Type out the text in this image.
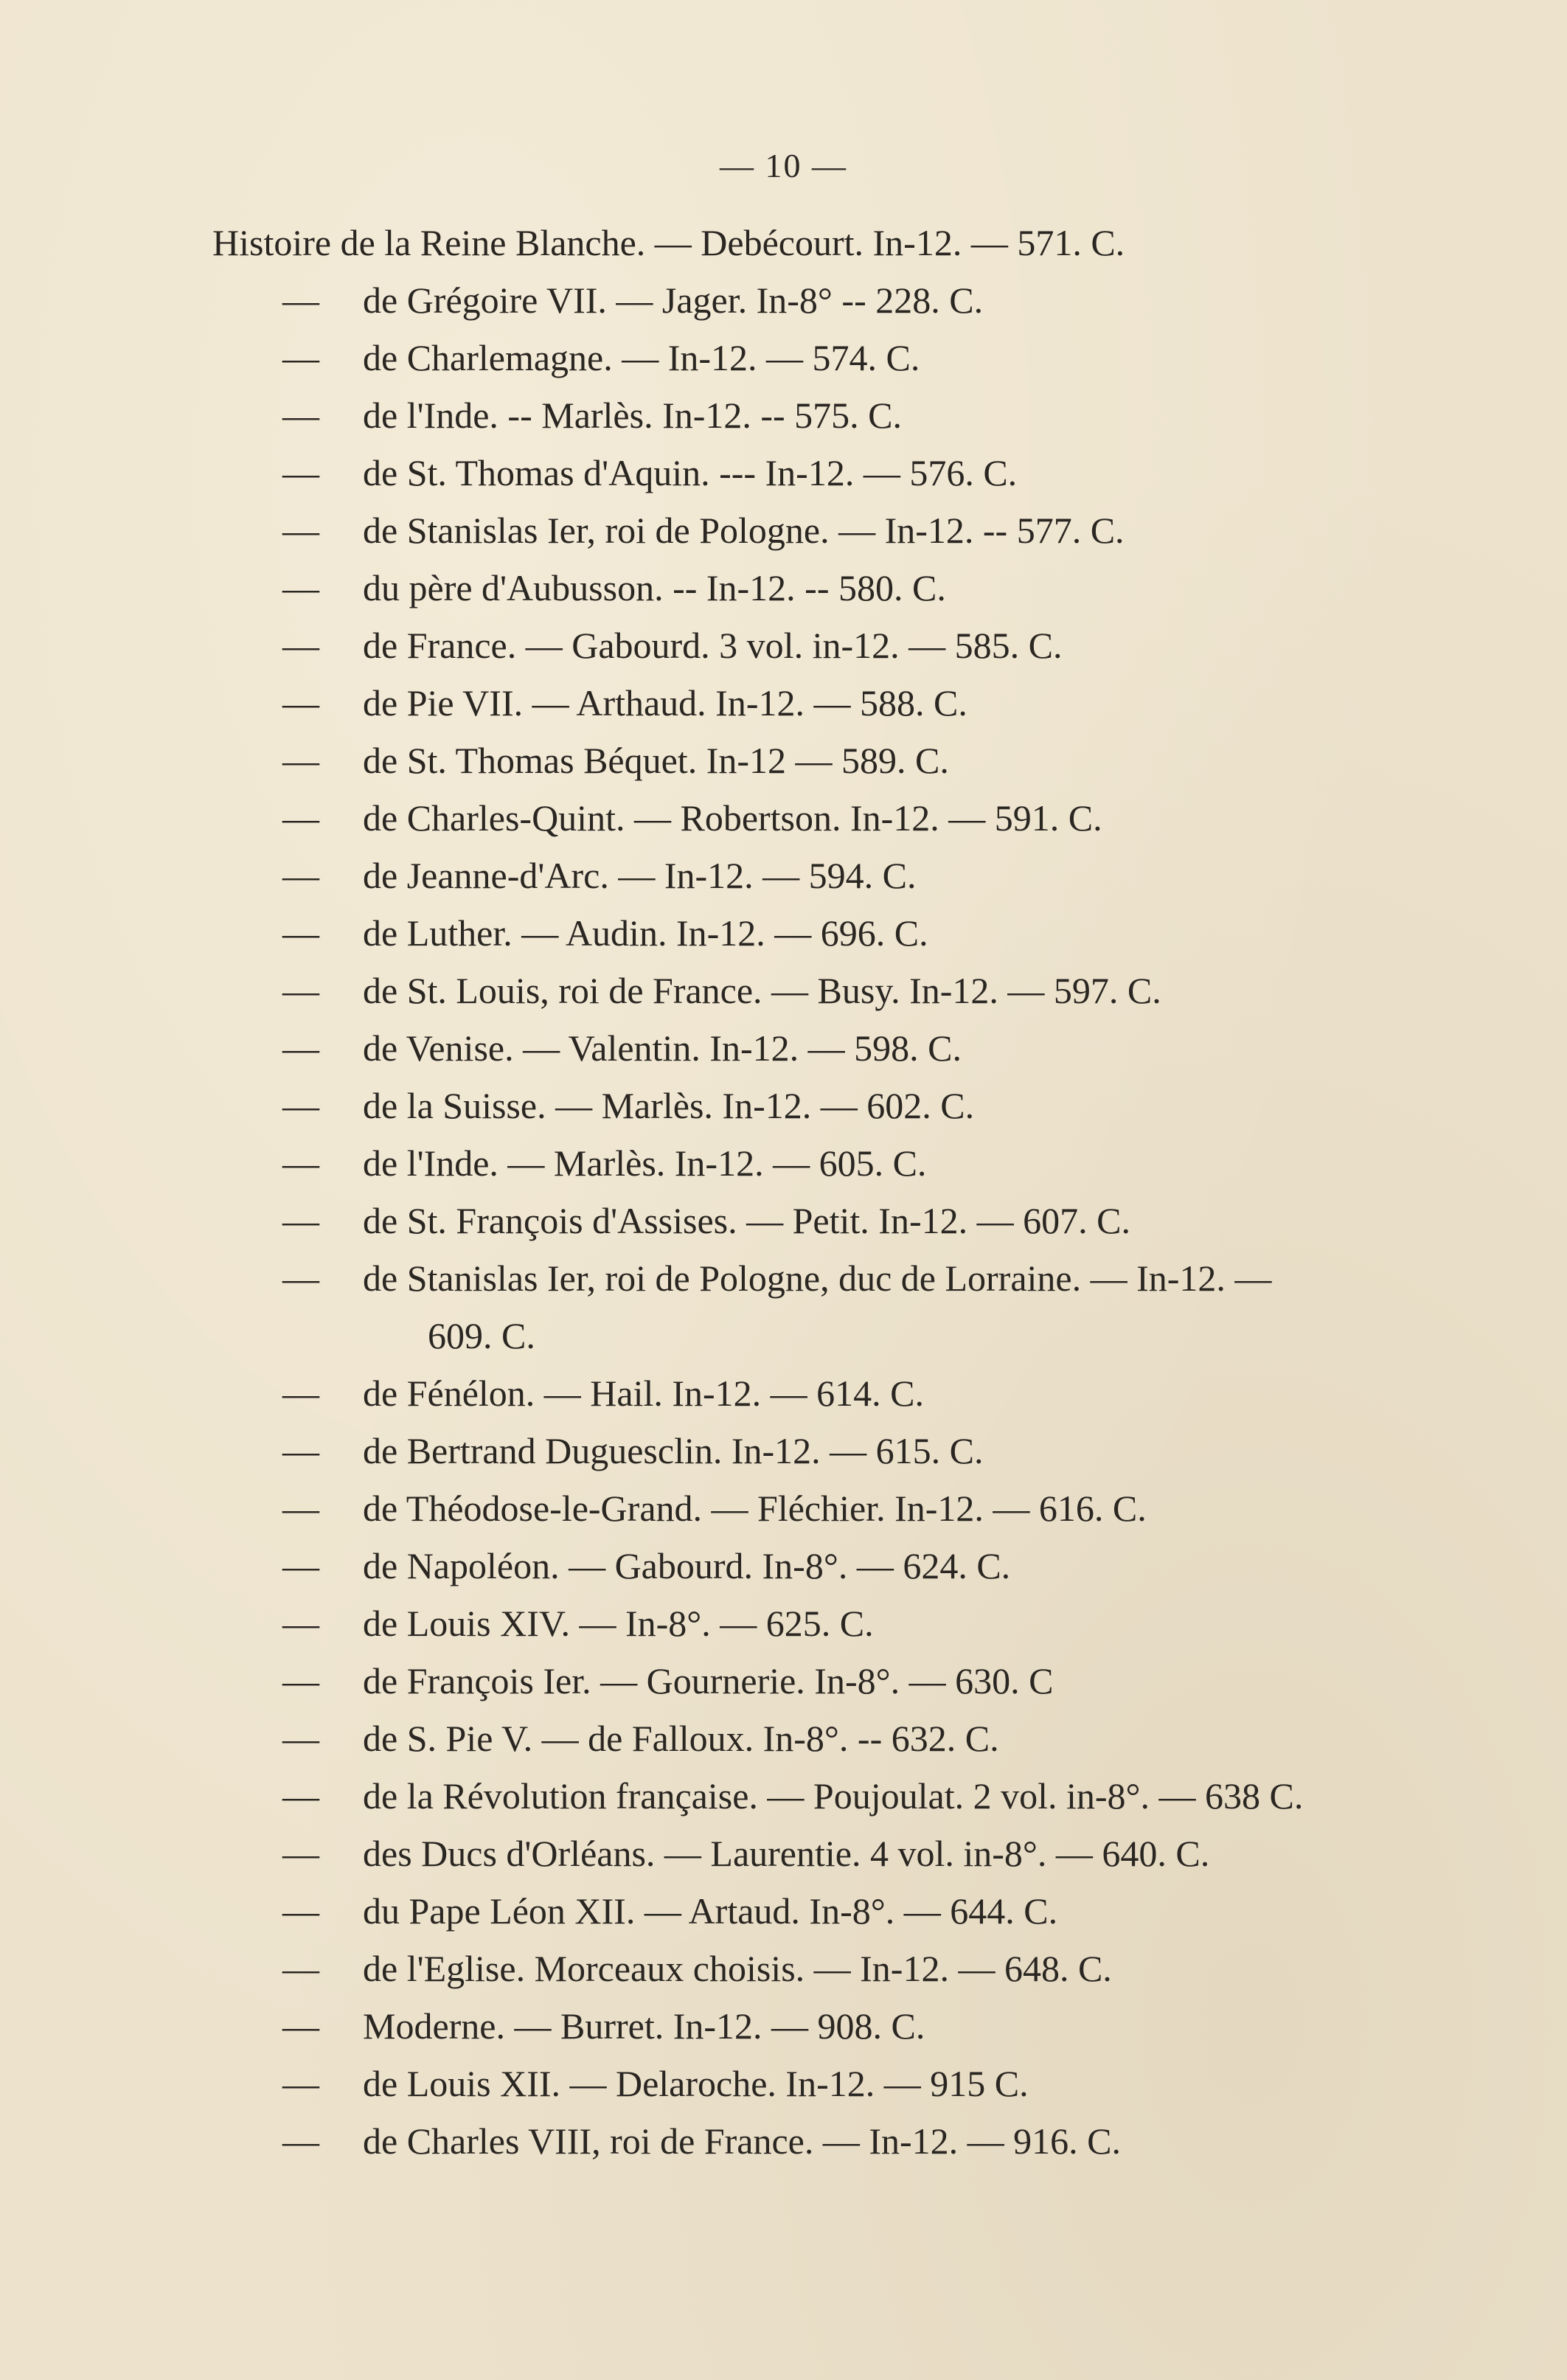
— 10 —
Histoire de la Reine Blanche. — Debécourt. In-12. — 571. C.
—	de Grégoire VII. — Jager. In-8° -- 228. C.
—	de Charlemagne. — In-12. — 574. C.
—	de l'Inde. -- Marlès. In-12. -- 575. C.
—	de St. Thomas d'Aquin. --- In-12. — 576. C.
—	de Stanislas Ier, roi de Pologne. — In-12. -- 577. C.
—	du père d'Aubusson. -- In-12. -- 580. C.
—	de France. — Gabourd. 3 vol. in-12. — 585. C.
—	de Pie VII. — Arthaud. In-12. — 588. C.
—	de St. Thomas Béquet. In-12 — 589. C.
—	de Charles-Quint. — Robertson. In-12. — 591. C.
—	de Jeanne-d'Arc. — In-12. — 594. C.
—	de Luther. — Audin. In-12. — 696. C.
—	de St. Louis, roi de France. — Busy. In-12. — 597. C.
—	de Venise. — Valentin. In-12. — 598. C.
—	de la Suisse. — Marlès. In-12. — 602. C.
—	de l'Inde. — Marlès. In-12. — 605. C.
—	de St. François d'Assises. — Petit. In-12. — 607. C.
—	de Stanislas Ier, roi de Pologne, duc de Lorraine. — In-12. —
609. C.
—	de Fénélon. — Hail. In-12. — 614. C.
—	de Bertrand Duguesclin. In-12. — 615. C.
—	de Théodose-le-Grand. — Fléchier. In-12. — 616. C.
—	de Napoléon. — Gabourd. In-8°. — 624. C.
—	de Louis XIV. — In-8°. — 625. C.
—	de François Ier. — Gournerie. In-8°. — 630. C
—	de S. Pie V. — de Falloux. In-8°. -- 632. C.
—	de la Révolution française. — Poujoulat. 2 vol. in-8°. — 638 C.
—	des Ducs d'Orléans. — Laurentie. 4 vol. in-8°. — 640. C.
—	du Pape Léon XII. — Artaud. In-8°. — 644. C.
—	de l'Eglise. Morceaux choisis. — In-12. — 648. C.
—	Moderne. — Burret. In-12. — 908. C.
—	de Louis XII. — Delaroche. In-12. — 915 C.
—	de Charles VIII, roi de France. — In-12. — 916. C.
